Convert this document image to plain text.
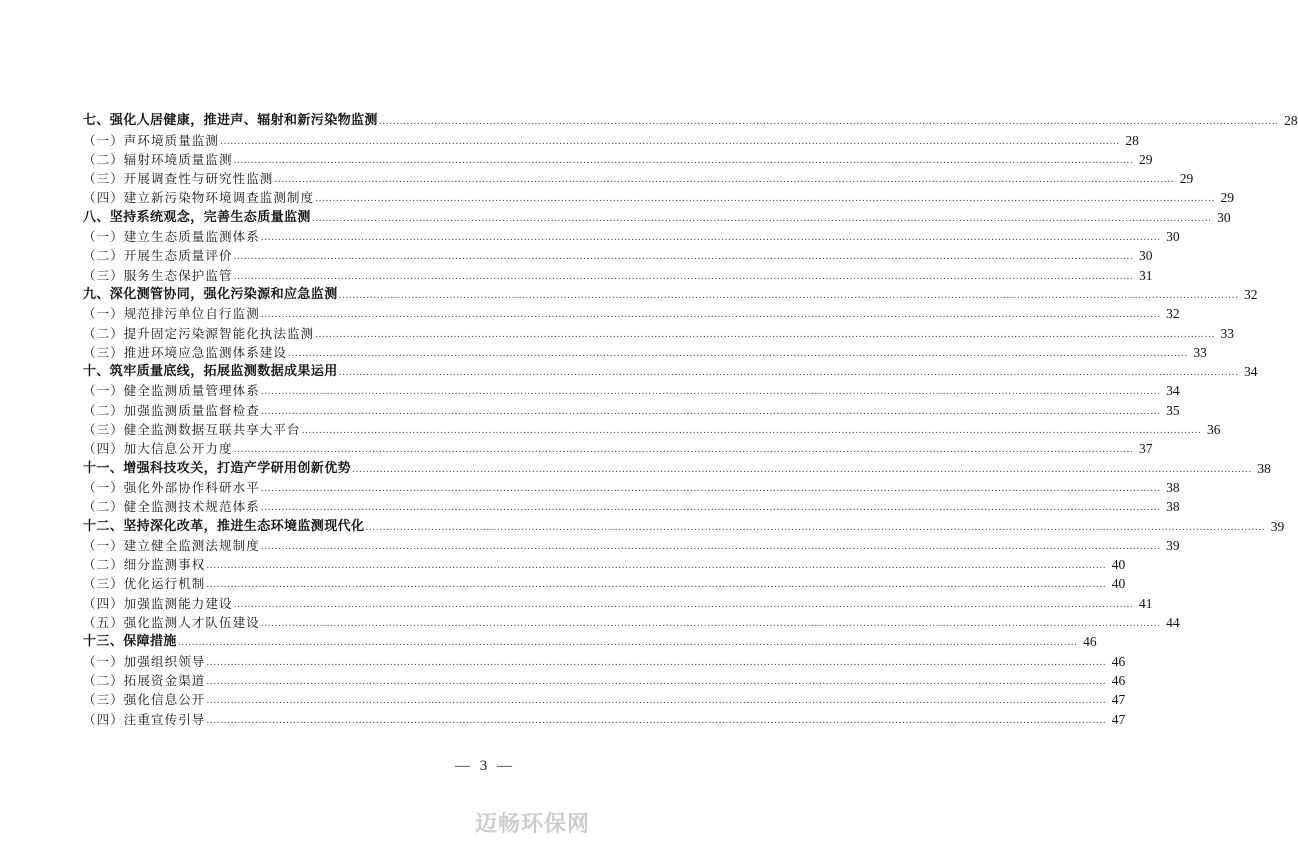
七、强化人居健康，推进声、辐射和新污染物监测 .................................................................................................................................................................................................................................................................... 28
（一）声环境质量监测 .................................................................................................................................................................................................................................................................... 28
（二）辐射环境质量监测 .................................................................................................................................................................................................................................................................... 29
（三）开展调查性与研究性监测 .................................................................................................................................................................................................................................................................... 29
（四）建立新污染物环境调查监测制度 .................................................................................................................................................................................................................................................................... 29
八、坚持系统观念，完善生态质量监测 .................................................................................................................................................................................................................................................................... 30
（一）建立生态质量监测体系 .................................................................................................................................................................................................................................................................... 30
（二）开展生态质量评价 .................................................................................................................................................................................................................................................................... 30
（三）服务生态保护监管 .................................................................................................................................................................................................................................................................... 31
九、深化测管协同，强化污染源和应急监测 .................................................................................................................................................................................................................................................................... 32
（一）规范排污单位自行监测 .................................................................................................................................................................................................................................................................... 32
（二）提升固定污染源智能化执法监测 .................................................................................................................................................................................................................................................................... 33
（三）推进环境应急监测体系建设 .................................................................................................................................................................................................................................................................... 33
十、筑牢质量底线，拓展监测数据成果运用 .................................................................................................................................................................................................................................................................... 34
（一）健全监测质量管理体系 .................................................................................................................................................................................................................................................................... 34
（二）加强监测质量监督检查 .................................................................................................................................................................................................................................................................... 35
（三）健全监测数据互联共享大平台 .................................................................................................................................................................................................................................................................... 36
（四）加大信息公开力度 .................................................................................................................................................................................................................................................................... 37
十一、增强科技攻关，打造产学研用创新优势 .................................................................................................................................................................................................................................................................... 38
（一）强化外部协作科研水平 .................................................................................................................................................................................................................................................................... 38
（二）健全监测技术规范体系 .................................................................................................................................................................................................................................................................... 38
十二、坚持深化改革，推进生态环境监测现代化 .................................................................................................................................................................................................................................................................... 39
（一）建立健全监测法规制度 .................................................................................................................................................................................................................................................................... 39
（二）细分监测事权 .................................................................................................................................................................................................................................................................... 40
（三）优化运行机制 .................................................................................................................................................................................................................................................................... 40
（四）加强监测能力建设 .................................................................................................................................................................................................................................................................... 41
（五）强化监测人才队伍建设 .................................................................................................................................................................................................................................................................... 44
十三、保障措施 .................................................................................................................................................................................................................................................................... 46
（一）加强组织领导 .................................................................................................................................................................................................................................................................... 46
（二）拓展资金渠道 .................................................................................................................................................................................................................................................................... 46
（三）强化信息公开 .................................................................................................................................................................................................................................................................... 47
（四）注重宣传引导 .................................................................................................................................................................................................................................................................... 47
— 3 —
迈畅环保网
